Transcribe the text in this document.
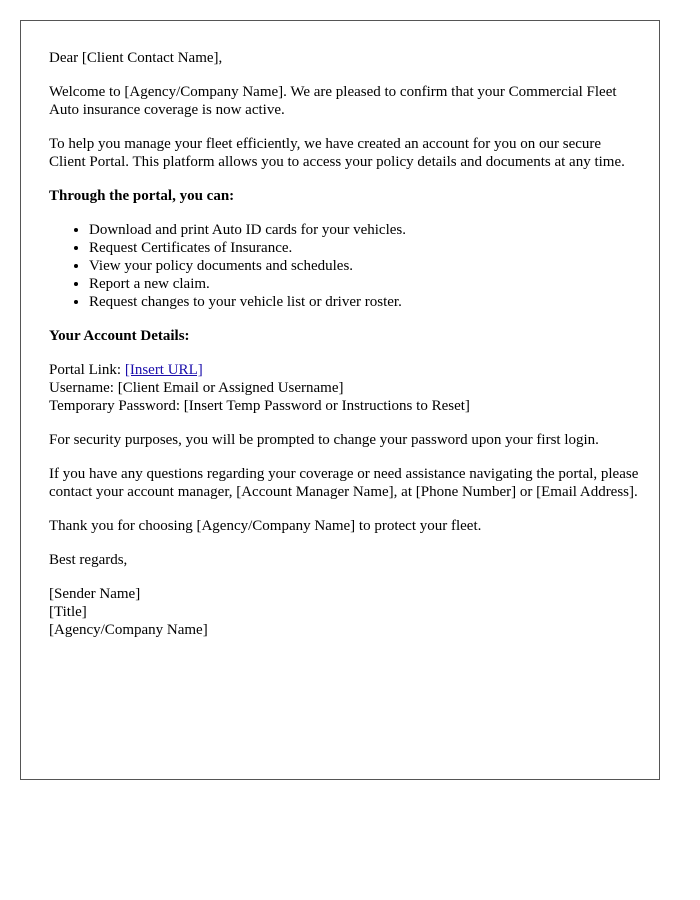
Dear [Client Contact Name],

Welcome to [Agency/Company Name]. We are pleased to confirm that your Commercial Fleet Auto insurance coverage is now active.

To help you manage your fleet efficiently, we have created an account for you on our secure Client Portal. This platform allows you to access your policy details and documents at any time.

Through the portal, you can:

• Download and print Auto ID cards for your vehicles.
• Request Certificates of Insurance.
• View your policy documents and schedules.
• Report a new claim.
• Request changes to your vehicle list or driver roster.

Your Account Details:

Portal Link: [Insert URL]
Username: [Client Email or Assigned Username]
Temporary Password: [Insert Temp Password or Instructions to Reset]

For security purposes, you will be prompted to change your password upon your first login.

If you have any questions regarding your coverage or need assistance navigating the portal, please contact your account manager, [Account Manager Name], at [Phone Number] or [Email Address].

Thank you for choosing [Agency/Company Name] to protect your fleet.

Best regards,

[Sender Name]
[Title]
[Agency/Company Name]
